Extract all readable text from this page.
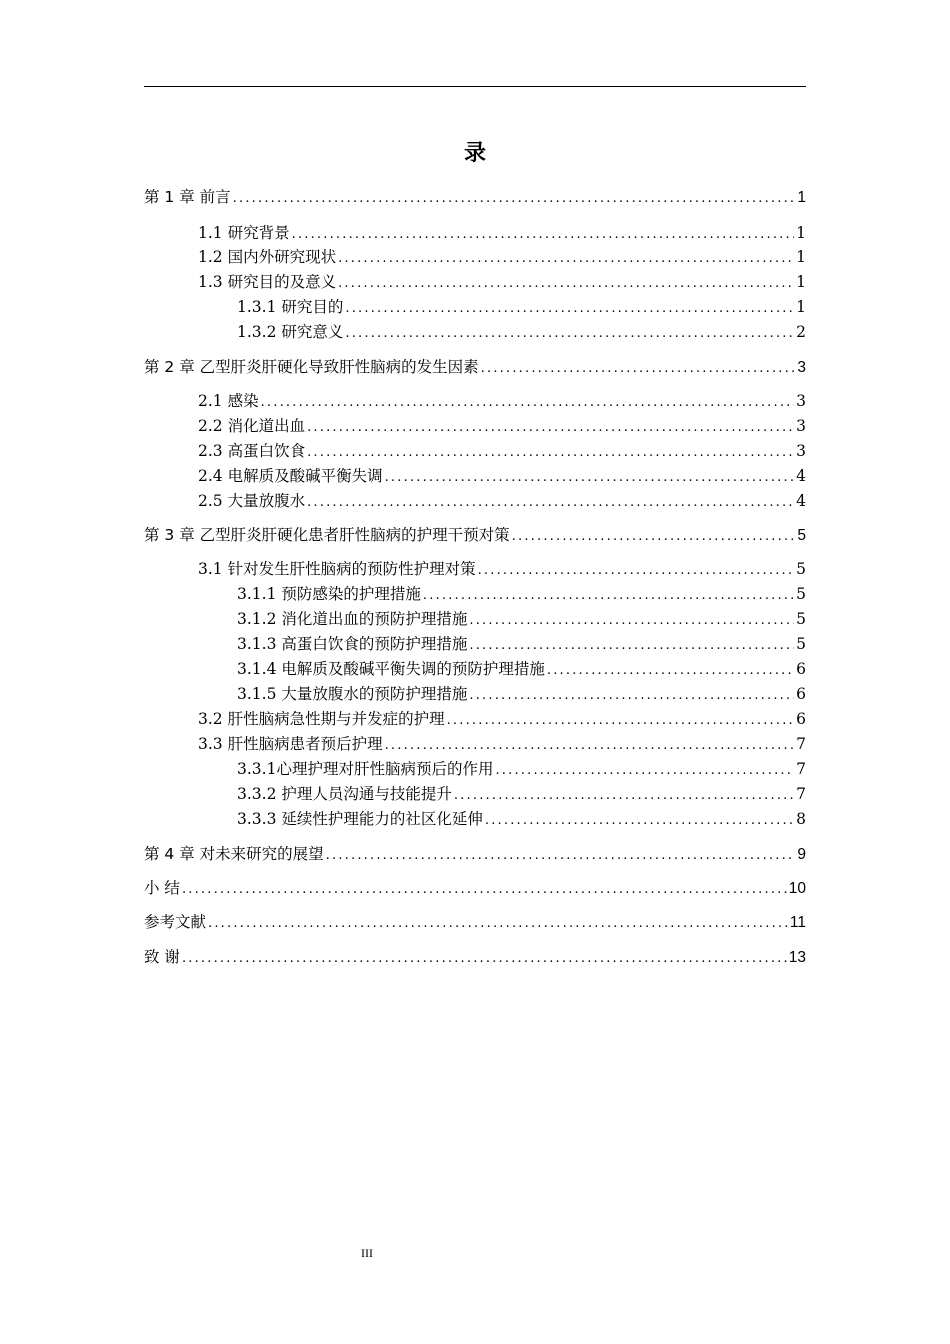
录
第 1 章 前言 .....	1
1.1 研究背景 .....	1
1.2 国内外研究现状 .....	1
1.3 研究目的及意义 .....	1
1.3.1 研究目的 .....	1
1.3.2 研究意义 .....	2
第 2 章 乙型肝炎肝硬化导致肝性脑病的发生因素 .....	3
2.1 感染 .....	3
2.2 消化道出血 .....	3
2.3 高蛋白饮食 .....	3
2.4 电解质及酸碱平衡失调 .....	4
2.5 大量放腹水 .....	4
第 3 章 乙型肝炎肝硬化患者肝性脑病的护理干预对策 .....	5
3.1 针对发生肝性脑病的预防性护理对策 .....	5
3.1.1 预防感染的护理措施 .....	5
3.1.2 消化道出血的预防护理措施 .....	5
3.1.3 高蛋白饮食的预防护理措施 .....	5
3.1.4 电解质及酸碱平衡失调的预防护理措施 .....	6
3.1.5 大量放腹水的预防护理措施 .....	6
3.2 肝性脑病急性期与并发症的护理 .....	6
3.3 肝性脑病患者预后护理 .....	7
3.3.1心理护理对肝性脑病预后的作用 .....	7
3.3.2 护理人员沟通与技能提升 .....	7
3.3.3 延续性护理能力的社区化延伸 .....	8
第 4 章 对未来研究的展望 .....	9
小 结 .....	10
参考文献 .....	11
致 谢 .....	13
III
